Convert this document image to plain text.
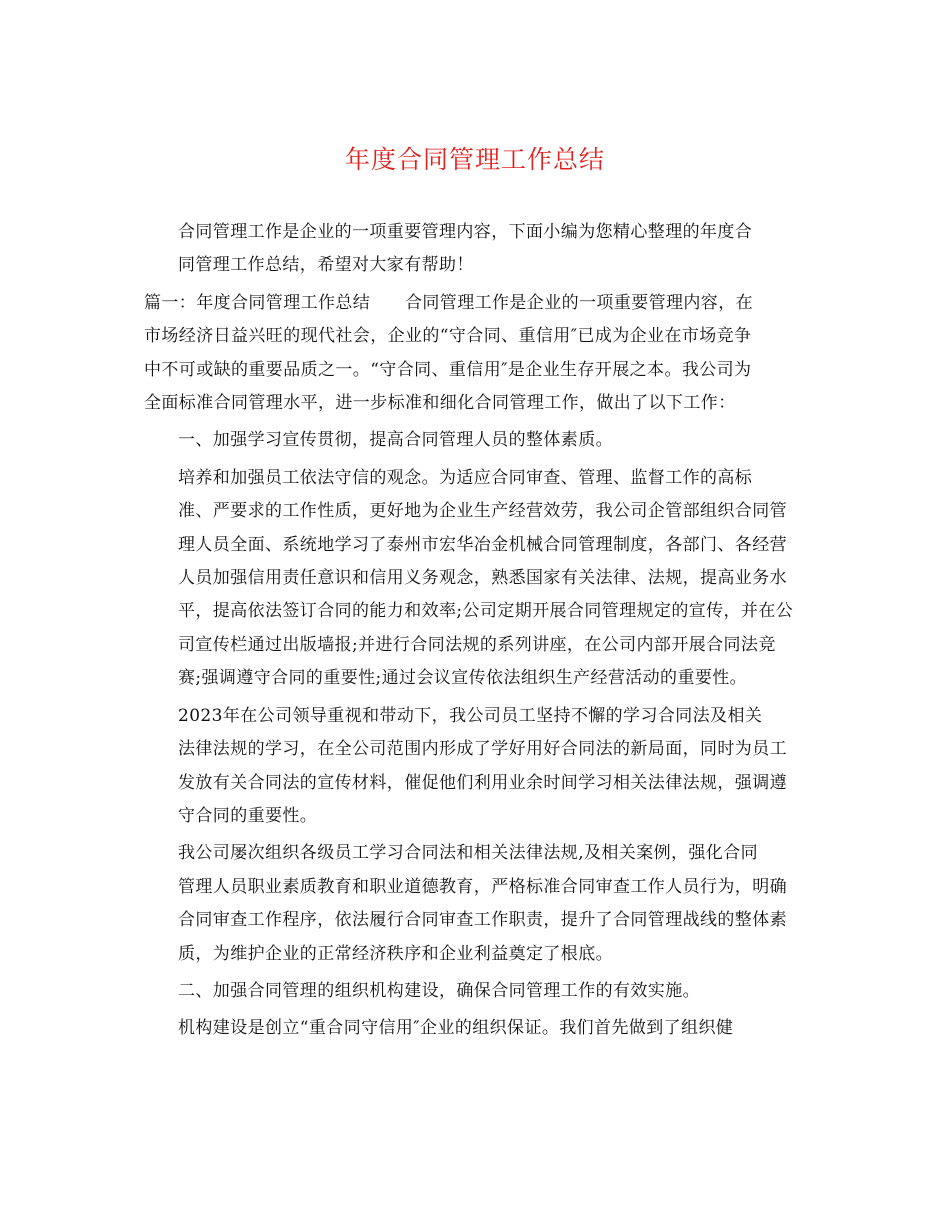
年度合同管理工作总结

合同管理工作是企业的一项重要管理内容，下面小编为您精心整理的年度合
同管理工作总结，希望对大家有帮助！

篇一：年度合同管理工作总结　　合同管理工作是企业的一项重要管理内容，在
市场经济日益兴旺的现代社会，企业的“守合同、重信用″已成为企业在市场竞争
中不可或缺的重要品质之一。“守合同、重信用″是企业生存开展之本。我公司为
全面标准合同管理水平，进一步标准和细化合同管理工作，做出了以下工作：

一、加强学习宣传贯彻，提高合同管理人员的整体素质。

培养和加强员工依法守信的观念。为适应合同审查、管理、监督工作的高标
准、严要求的工作性质，更好地为企业生产经营效劳，我公司企管部组织合同管
理人员全面、系统地学习了泰州市宏华冶金机械合同管理制度，各部门、各经营
人员加强信用责任意识和信用义务观念，熟悉国家有关法律、法规，提高业务水
平，提高依法签订合同的能力和效率;公司定期开展合同管理规定的宣传，并在公
司宣传栏通过出版墙报;并进行合同法规的系列讲座，在公司内部开展合同法竞
赛;强调遵守合同的重要性;通过会议宣传依法组织生产经营活动的重要性。

2023年在公司领导重视和带动下，我公司员工坚持不懈的学习合同法及相关
法律法规的学习，在全公司范围内形成了学好用好合同法的新局面，同时为员工
发放有关合同法的宣传材料，催促他们利用业余时间学习相关法律法规，强调遵
守合同的重要性。

我公司屡次组织各级员工学习合同法和相关法律法规,及相关案例，强化合同
管理人员职业素质教育和职业道德教育，严格标准合同审查工作人员行为，明确
合同审查工作程序，依法履行合同审查工作职责，提升了合同管理战线的整体素
质，为维护企业的正常经济秩序和企业利益奠定了根底。

二、加强合同管理的组织机构建设，确保合同管理工作的有效实施。

机构建设是创立“重合同守信用″企业的组织保证。我们首先做到了组织健
